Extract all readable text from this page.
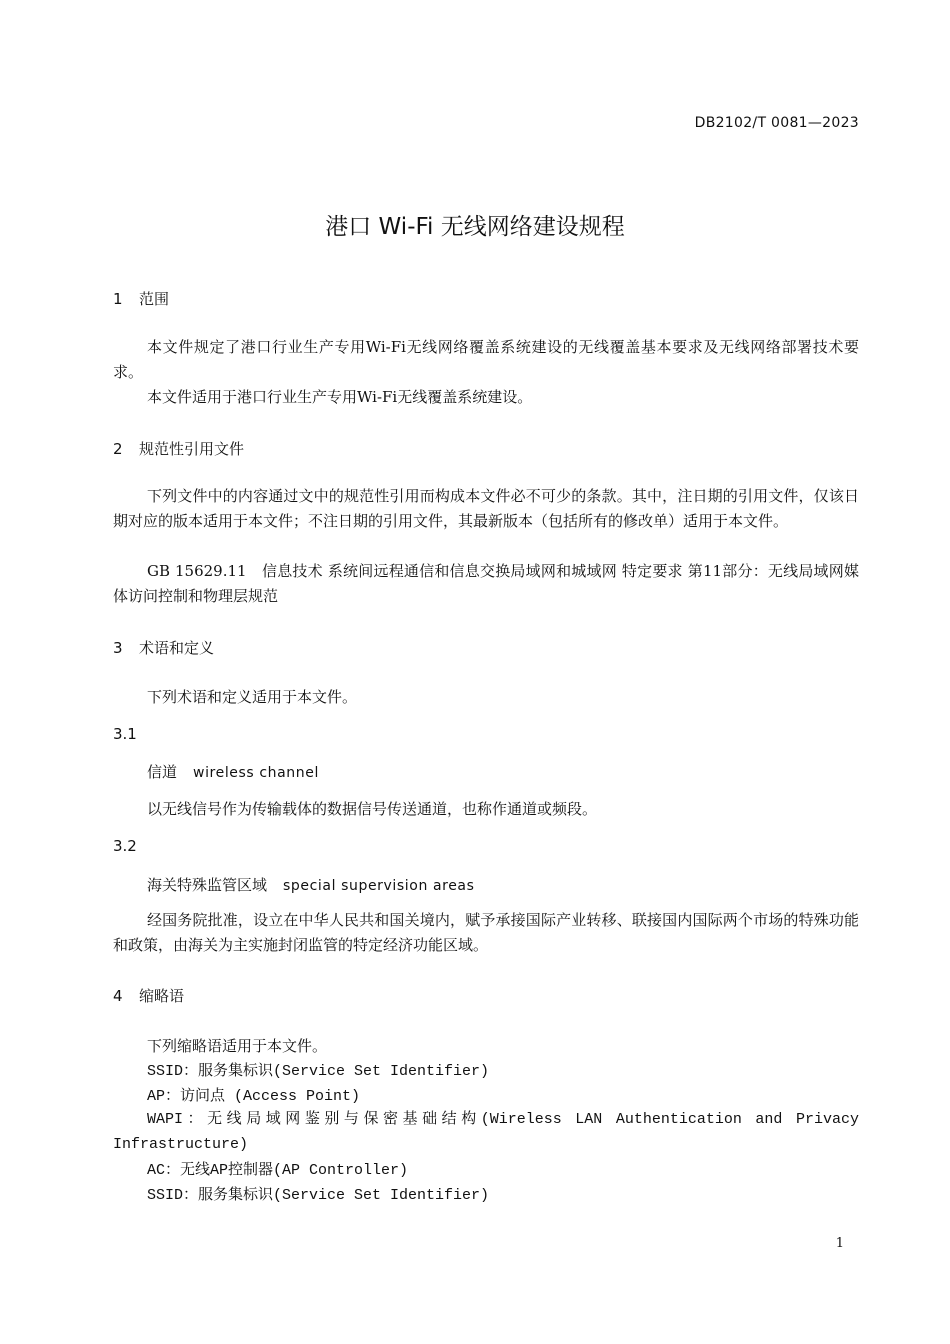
DB2102/T 0081—2023
港口 Wi-Fi 无线网络建设规程
1 范围
本文件规定了港口行业生产专用Wi-Fi无线网络覆盖系统建设的无线覆盖基本要求及无线网络部署技术要求。
本文件适用于港口行业生产专用Wi-Fi无线覆盖系统建设。
2 规范性引用文件
下列文件中的内容通过文中的规范性引用而构成本文件必不可少的条款。其中，注日期的引用文件，仅该日期对应的版本适用于本文件；不注日期的引用文件，其最新版本（包括所有的修改单）适用于本文件。
GB 15629.11　信息技术 系统间远程通信和信息交换局域网和城域网 特定要求 第11部分：无线局域网媒体访问控制和物理层规范
3 术语和定义
下列术语和定义适用于本文件。
3.1
信道 wireless channel
以无线信号作为传输载体的数据信号传送通道，也称作通道或频段。
3.2
海关特殊监管区域 special supervision areas
经国务院批准，设立在中华人民共和国关境内，赋予承接国际产业转移、联接国内国际两个市场的特殊功能和政策，由海关为主实施封闭监管的特定经济功能区域。
4 缩略语
下列缩略语适用于本文件。
SSID：服务集标识(Service Set Identifier)
AP：访问点 (Access Point)
WAPI：无线局域网鉴别与保密基础结构(Wireless LAN Authentication and Privacy Infrastructure)
AC：无线AP控制器(AP Controller)
SSID：服务集标识(Service Set Identifier)
1
